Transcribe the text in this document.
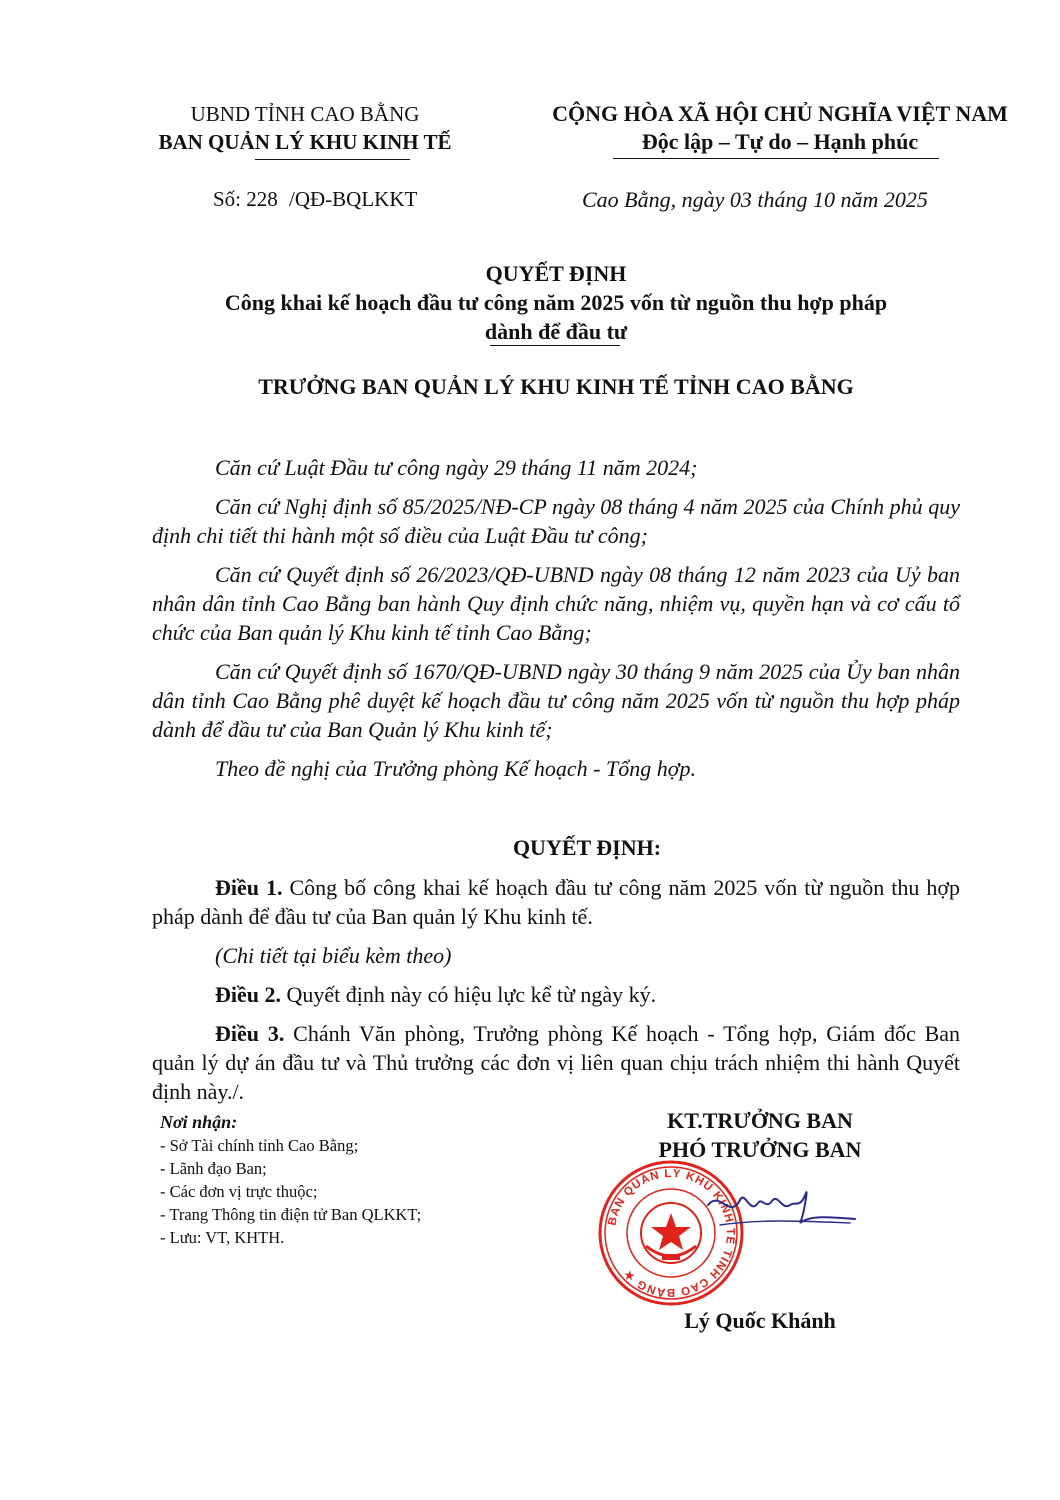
UBND TỈNH CAO BẰNG
BAN QUẢN LÝ KHU KINH TẾ
Số: 228 /QĐ-BQLKKT
CỘNG HÒA XÃ HỘI CHỦ NGHĨA VIỆT NAM
Độc lập – Tự do – Hạnh phúc
Cao Bằng, ngày 03 tháng 10 năm 2025
QUYẾT ĐỊNH
Công khai kế hoạch đầu tư công năm 2025 vốn từ nguồn thu hợp pháp
dành để đầu tư
TRƯỞNG BAN QUẢN LÝ KHU KINH TẾ TỈNH CAO BẰNG

Căn cứ Luật Đầu tư công ngày 29 tháng 11 năm 2024;

Căn cứ Nghị định số 85/2025/NĐ-CP ngày 08 tháng 4 năm 2025 của Chính phủ quy định chi tiết thi hành một số điều của Luật Đầu tư công;

Căn cứ Quyết định số 26/2023/QĐ-UBND ngày 08 tháng 12 năm 2023 của Uỷ ban nhân dân tỉnh Cao Bằng ban hành Quy định chức năng, nhiệm vụ, quyền hạn và cơ cấu tổ chức của Ban quản lý Khu kinh tế tỉnh Cao Bằng;

Căn cứ Quyết định số 1670/QĐ-UBND ngày 30 tháng 9 năm 2025 của Ủy ban nhân dân tỉnh Cao Bằng phê duyệt kế hoạch đầu tư công năm 2025 vốn từ nguồn thu hợp pháp dành để đầu tư của Ban Quản lý Khu kinh tế;

Theo đề nghị của Trưởng phòng Kế hoạch - Tổng hợp.

QUYẾT ĐỊNH:

Điều 1. Công bố công khai kế hoạch đầu tư công năm 2025 vốn từ nguồn thu hợp pháp dành để đầu tư của Ban quản lý Khu kinh tế.

(Chi tiết tại biểu kèm theo)

Điều 2. Quyết định này có hiệu lực kể từ ngày ký.

Điều 3. Chánh Văn phòng, Trưởng phòng Kế hoạch - Tổng hợp, Giám đốc Ban quản lý dự án đầu tư và Thủ trưởng các đơn vị liên quan chịu trách nhiệm thi hành Quyết định này./.

Nơi nhận:
- Sở Tài chính tỉnh Cao Bằng;
- Lãnh đạo Ban;
- Các đơn vị trực thuộc;
- Trang Thông tin điện tử Ban QLKKT;
- Lưu: VT, KHTH.
KT.TRƯỞNG BAN
PHÓ TRƯỞNG BAN
BAN QUẢN LÝ KHU KINH TẾ TỈNH CAO BẰNG ★
Lý Quốc Khánh
